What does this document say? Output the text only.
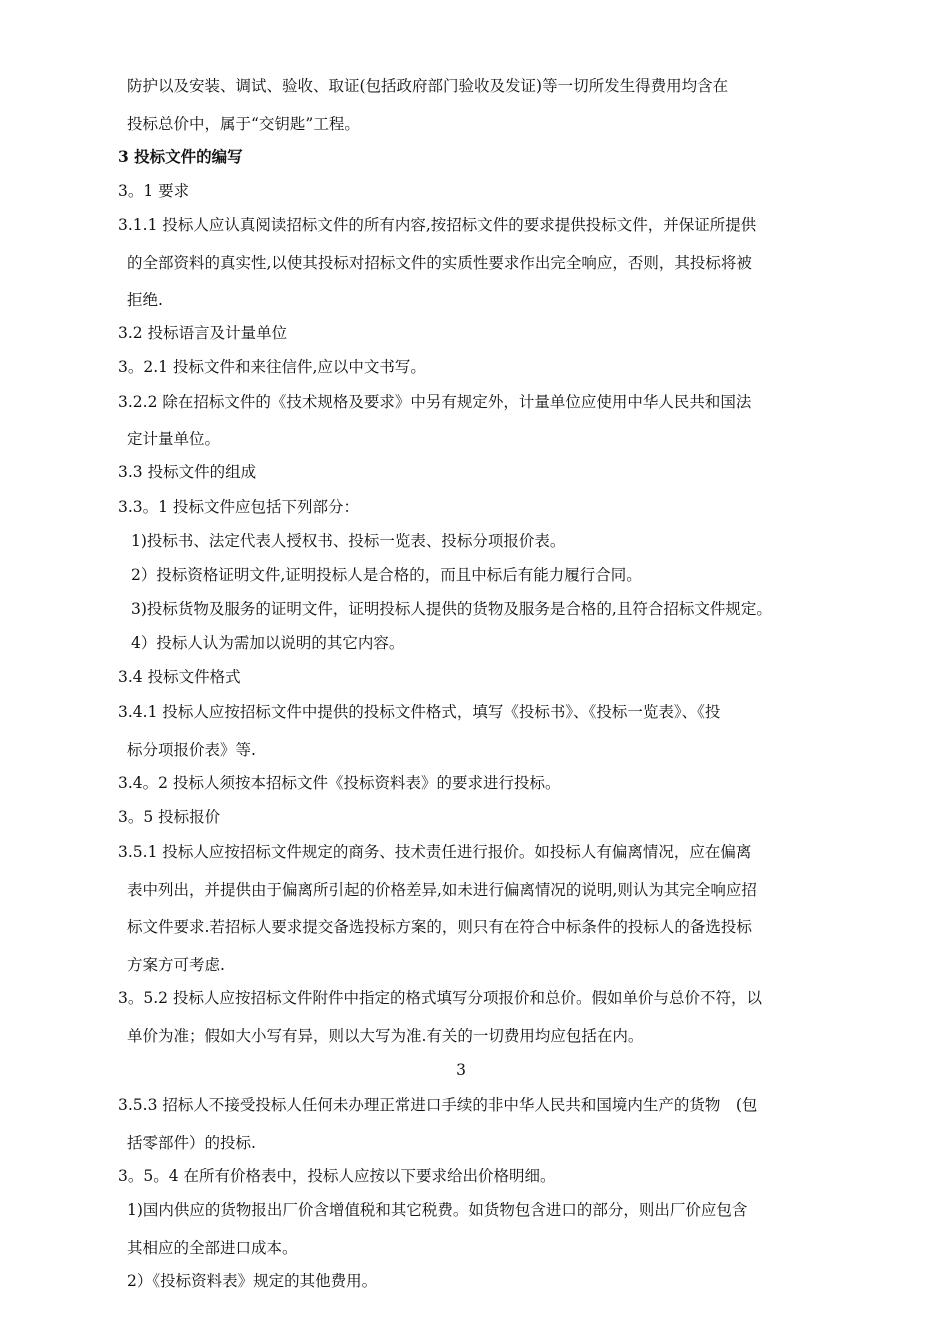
防护以及安装、调试、验收、取证(包括政府部门验收及发证)等一切所发生得费用均含在
投标总价中，属于“交钥匙”工程。
3 投标文件的编写
3。1 要求
3.1.1 投标人应认真阅读招标文件的所有内容,按招标文件的要求提供投标文件，并保证所提供
的全部资料的真实性,以使其投标对招标文件的实质性要求作出完全响应，否则，其投标将被
拒绝.
3.2 投标语言及计量单位
3。2.1 投标文件和来往信件,应以中文书写。
3.2.2 除在招标文件的《技术规格及要求》中另有规定外，计量单位应使用中华人民共和国法
定计量单位。
3.3 投标文件的组成
3.3。1 投标文件应包括下列部分：
1)投标书、法定代表人授权书、投标一览表、投标分项报价表。
2）投标资格证明文件,证明投标人是合格的，而且中标后有能力履行合同。
3)投标货物及服务的证明文件，证明投标人提供的货物及服务是合格的,且符合招标文件规定。
4）投标人认为需加以说明的其它内容。
3.4 投标文件格式
3.4.1 投标人应按招标文件中提供的投标文件格式，填写《投标书》、《投标一览表》、《投
标分项报价表》等.
3.4。2 投标人须按本招标文件《投标资料表》的要求进行投标。
3。5 投标报价
3.5.1 投标人应按招标文件规定的商务、技术责任进行报价。如投标人有偏离情况，应在偏离
表中列出，并提供由于偏离所引起的价格差异,如未进行偏离情况的说明,则认为其完全响应招
标文件要求.若招标人要求提交备选投标方案的，则只有在符合中标条件的投标人的备选投标
方案方可考虑.
3。5.2 投标人应按招标文件附件中指定的格式填写分项报价和总价。假如单价与总价不符，以
单价为准；假如大小写有异，则以大写为准.有关的一切费用均应包括在内。
3
3.5.3 招标人不接受投标人任何未办理正常进口手续的非中华人民共和国境内生产的货物　(包
括零部件）的投标.
3。5。4 在所有价格表中，投标人应按以下要求给出价格明细。
1)国内供应的货物报出厂价含增值税和其它税费。如货物包含进口的部分，则出厂价应包含
其相应的全部进口成本。
2）《投标资料表》规定的其他费用。
